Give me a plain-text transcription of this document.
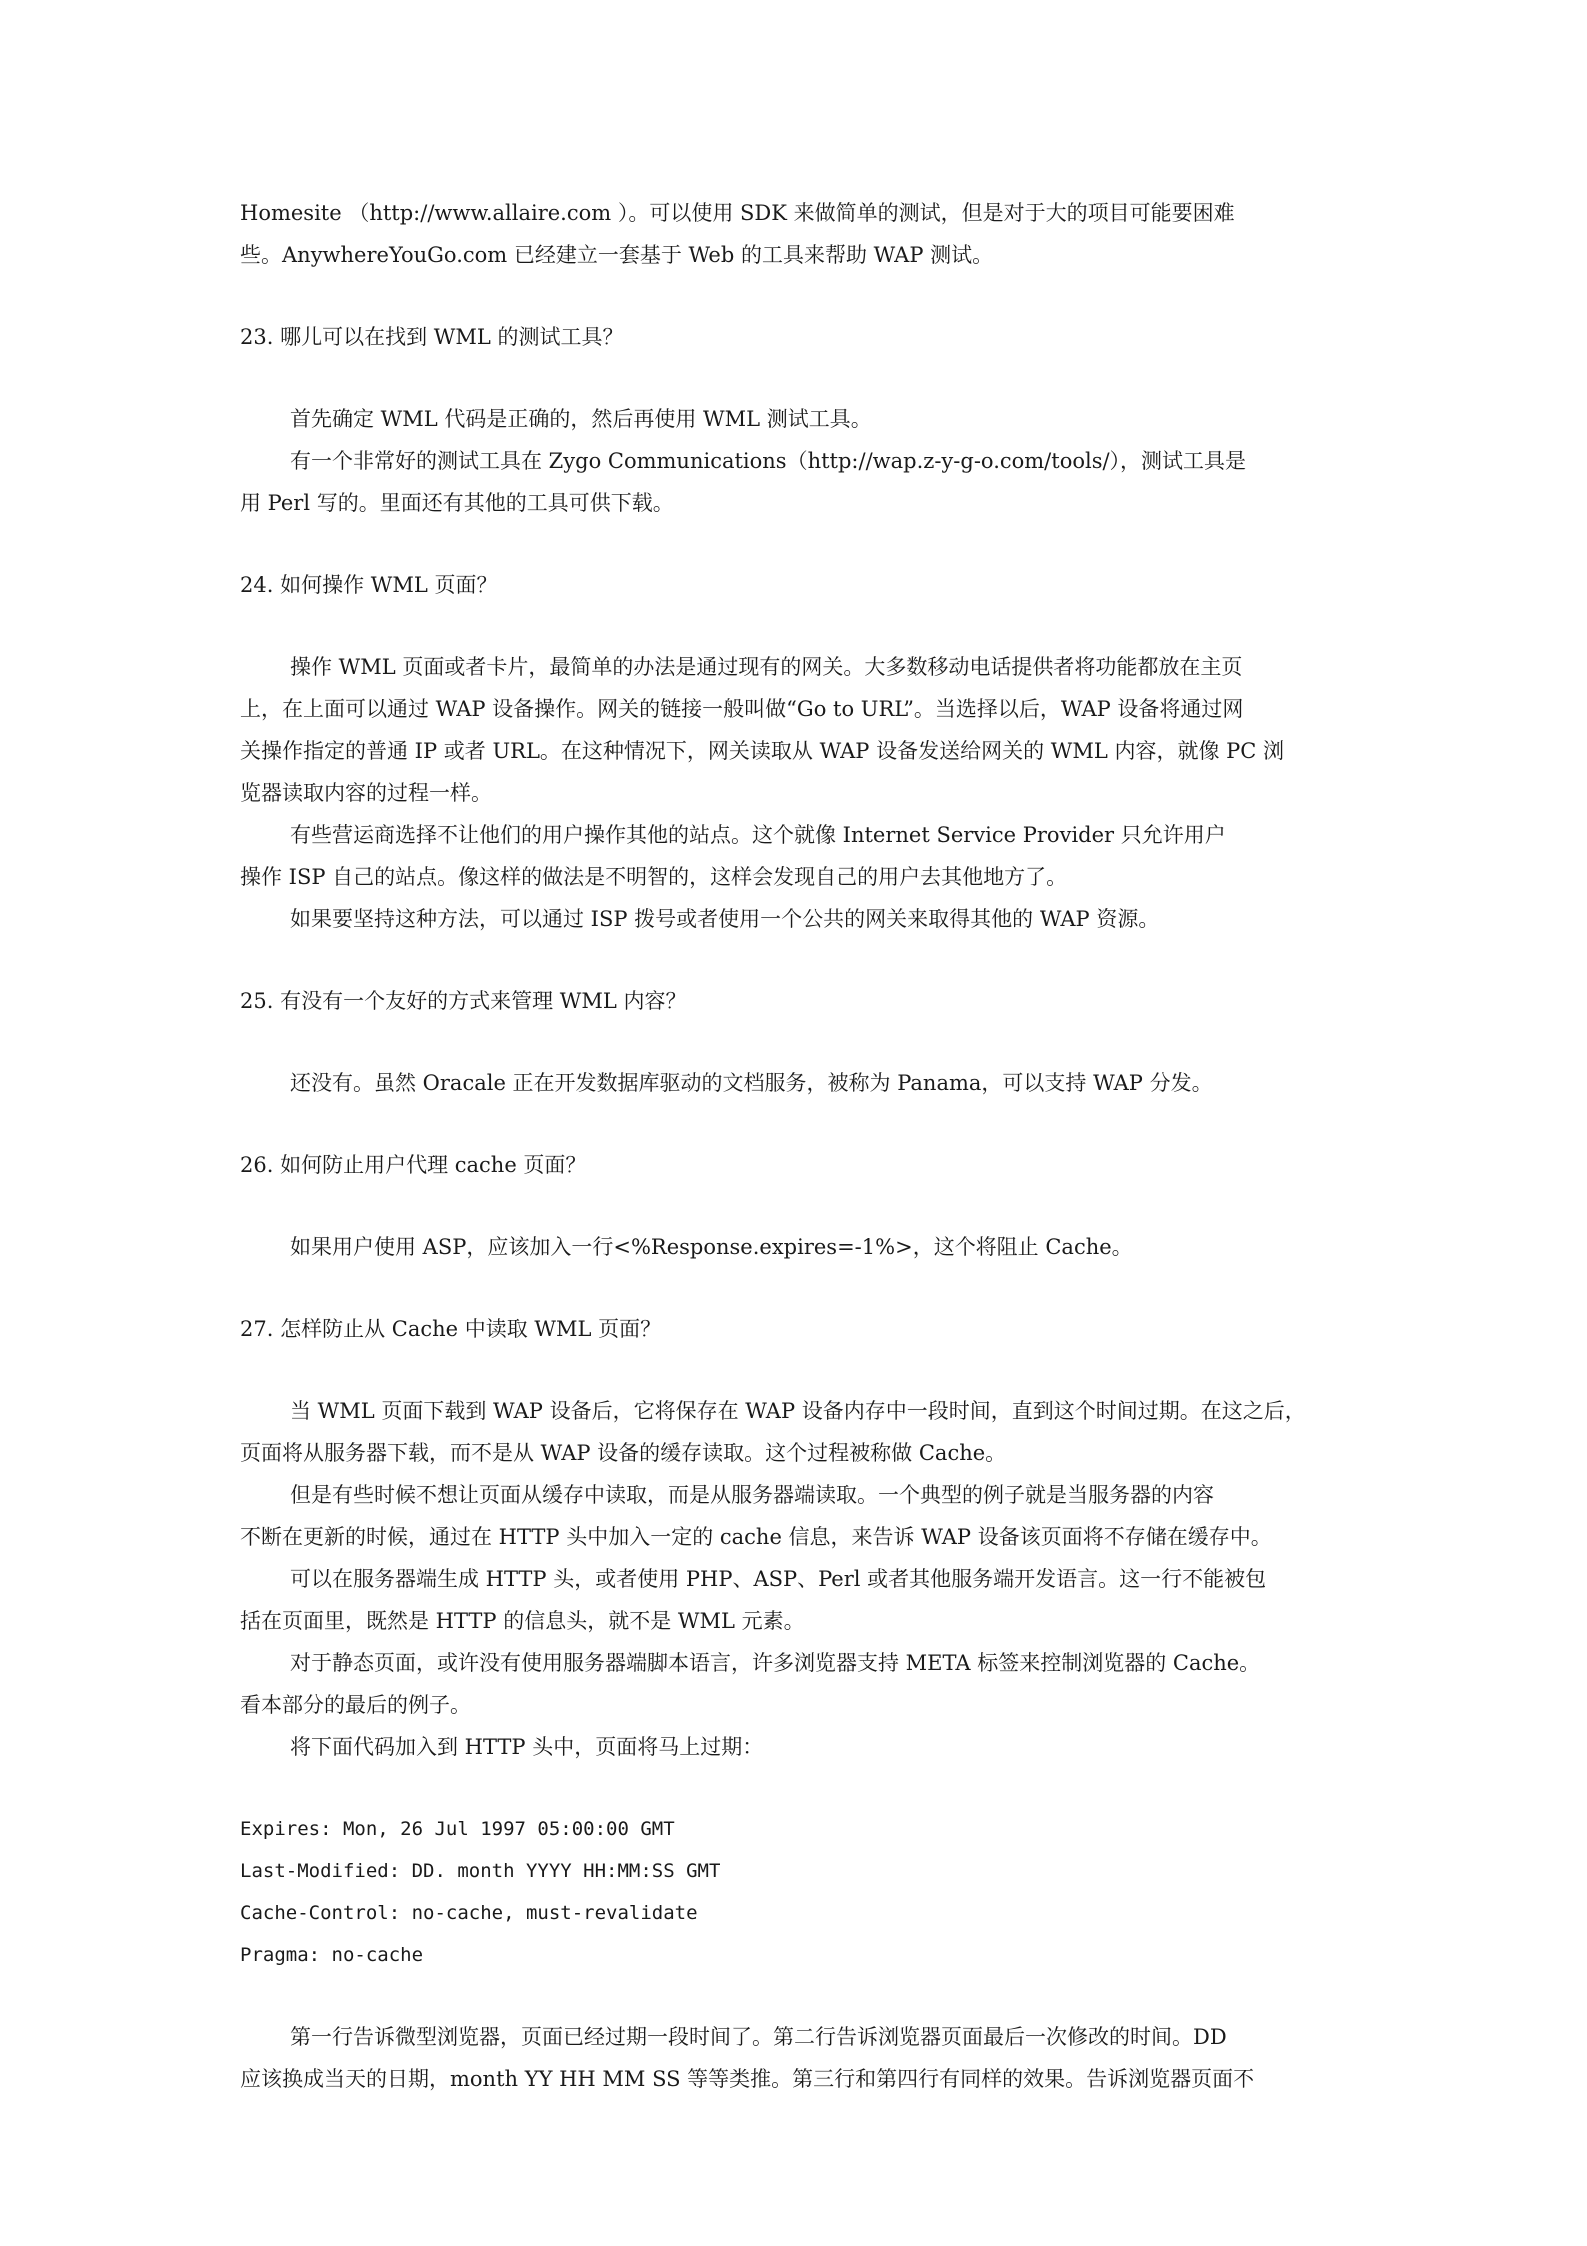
Homesite （http://www.allaire.com ）。可以使用 SDK 来做简单的测试，但是对于大的项目可能要困难

些。AnywhereYouGo.com 已经建立一套基于 Web 的工具来帮助 WAP 测试。

23. 哪儿可以在找到 WML 的测试工具？

首先确定 WML 代码是正确的，然后再使用 WML 测试工具。

有一个非常好的测试工具在 Zygo Communications（http://wap.z-y-g-o.com/tools/），测试工具是

用 Perl 写的。里面还有其他的工具可供下载。

24. 如何操作 WML 页面？

操作 WML 页面或者卡片，最简单的办法是通过现有的网关。大多数移动电话提供者将功能都放在主页

上，在上面可以通过 WAP 设备操作。网关的链接一般叫做“Go to URL”。当选择以后，WAP 设备将通过网

关操作指定的普通 IP 或者 URL。在这种情况下，网关读取从 WAP 设备发送给网关的 WML 内容，就像 PC 浏

览器读取内容的过程一样。

有些营运商选择不让他们的用户操作其他的站点。这个就像 Internet Service Provider 只允许用户

操作 ISP 自己的站点。像这样的做法是不明智的，这样会发现自己的用户去其他地方了。

如果要坚持这种方法，可以通过 ISP 拨号或者使用一个公共的网关来取得其他的 WAP 资源。

25. 有没有一个友好的方式来管理 WML 内容？

还没有。虽然 Oracale 正在开发数据库驱动的文档服务，被称为 Panama，可以支持 WAP 分发。

26. 如何防止用户代理 cache 页面？

如果用户使用 ASP，应该加入一行<%Response.expires=-1%>，这个将阻止 Cache。

27. 怎样防止从 Cache 中读取 WML 页面？

当 WML 页面下载到 WAP 设备后，它将保存在 WAP 设备内存中一段时间，直到这个时间过期。在这之后，

页面将从服务器下载，而不是从 WAP 设备的缓存读取。这个过程被称做 Cache。

但是有些时候不想让页面从缓存中读取，而是从服务器端读取。一个典型的例子就是当服务器的内容

不断在更新的时候，通过在 HTTP 头中加入一定的 cache 信息，来告诉 WAP 设备该页面将不存储在缓存中。

可以在服务器端生成 HTTP 头，或者使用 PHP、ASP、Perl 或者其他服务端开发语言。这一行不能被包

括在页面里，既然是 HTTP 的信息头，就不是 WML 元素。

对于静态页面，或许没有使用服务器端脚本语言，许多浏览器支持 META 标签来控制浏览器的 Cache。

看本部分的最后的例子。

将下面代码加入到 HTTP 头中，页面将马上过期：

Expires: Mon, 26 Jul 1997 05:00:00 GMT

Last-Modified: DD. month YYYY HH:MM:SS GMT

Cache-Control: no-cache, must-revalidate

Pragma: no-cache

第一行告诉微型浏览器，页面已经过期一段时间了。第二行告诉浏览器页面最后一次修改的时间。DD

应该换成当天的日期，month YY HH MM SS 等等类推。第三行和第四行有同样的效果。告诉浏览器页面不
